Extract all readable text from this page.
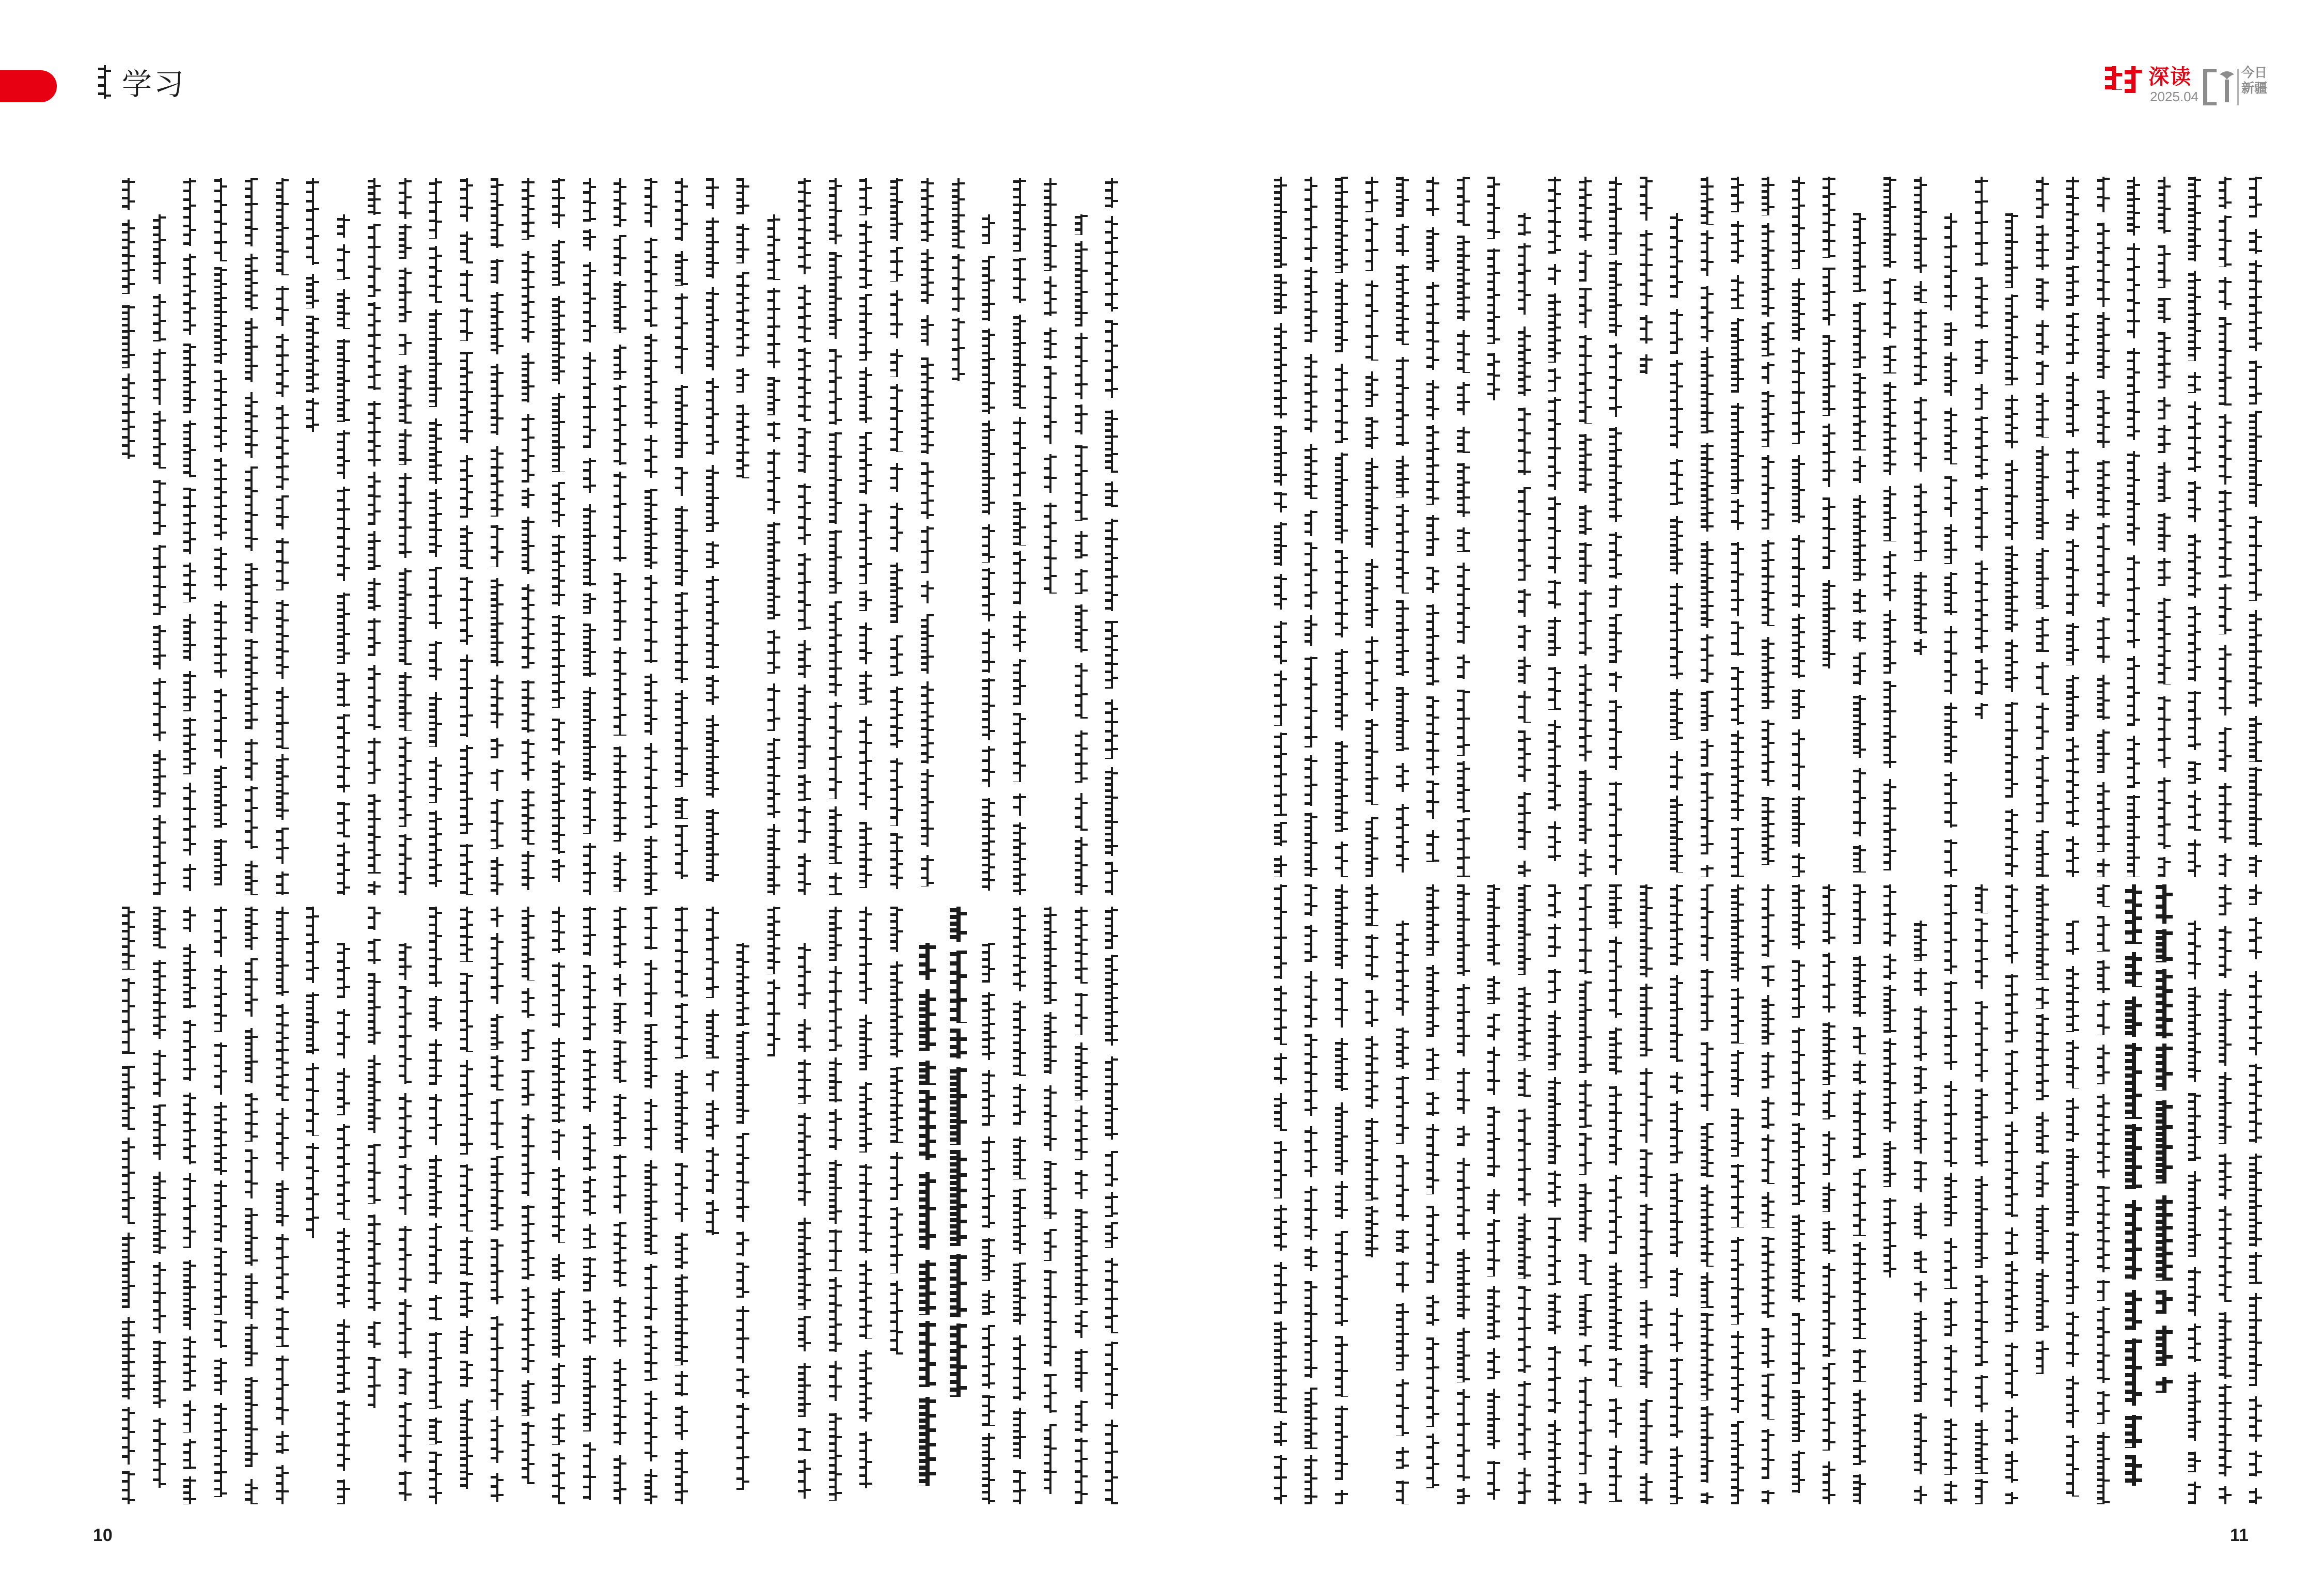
学习	深读
2025.04
今日
新疆
10	11
